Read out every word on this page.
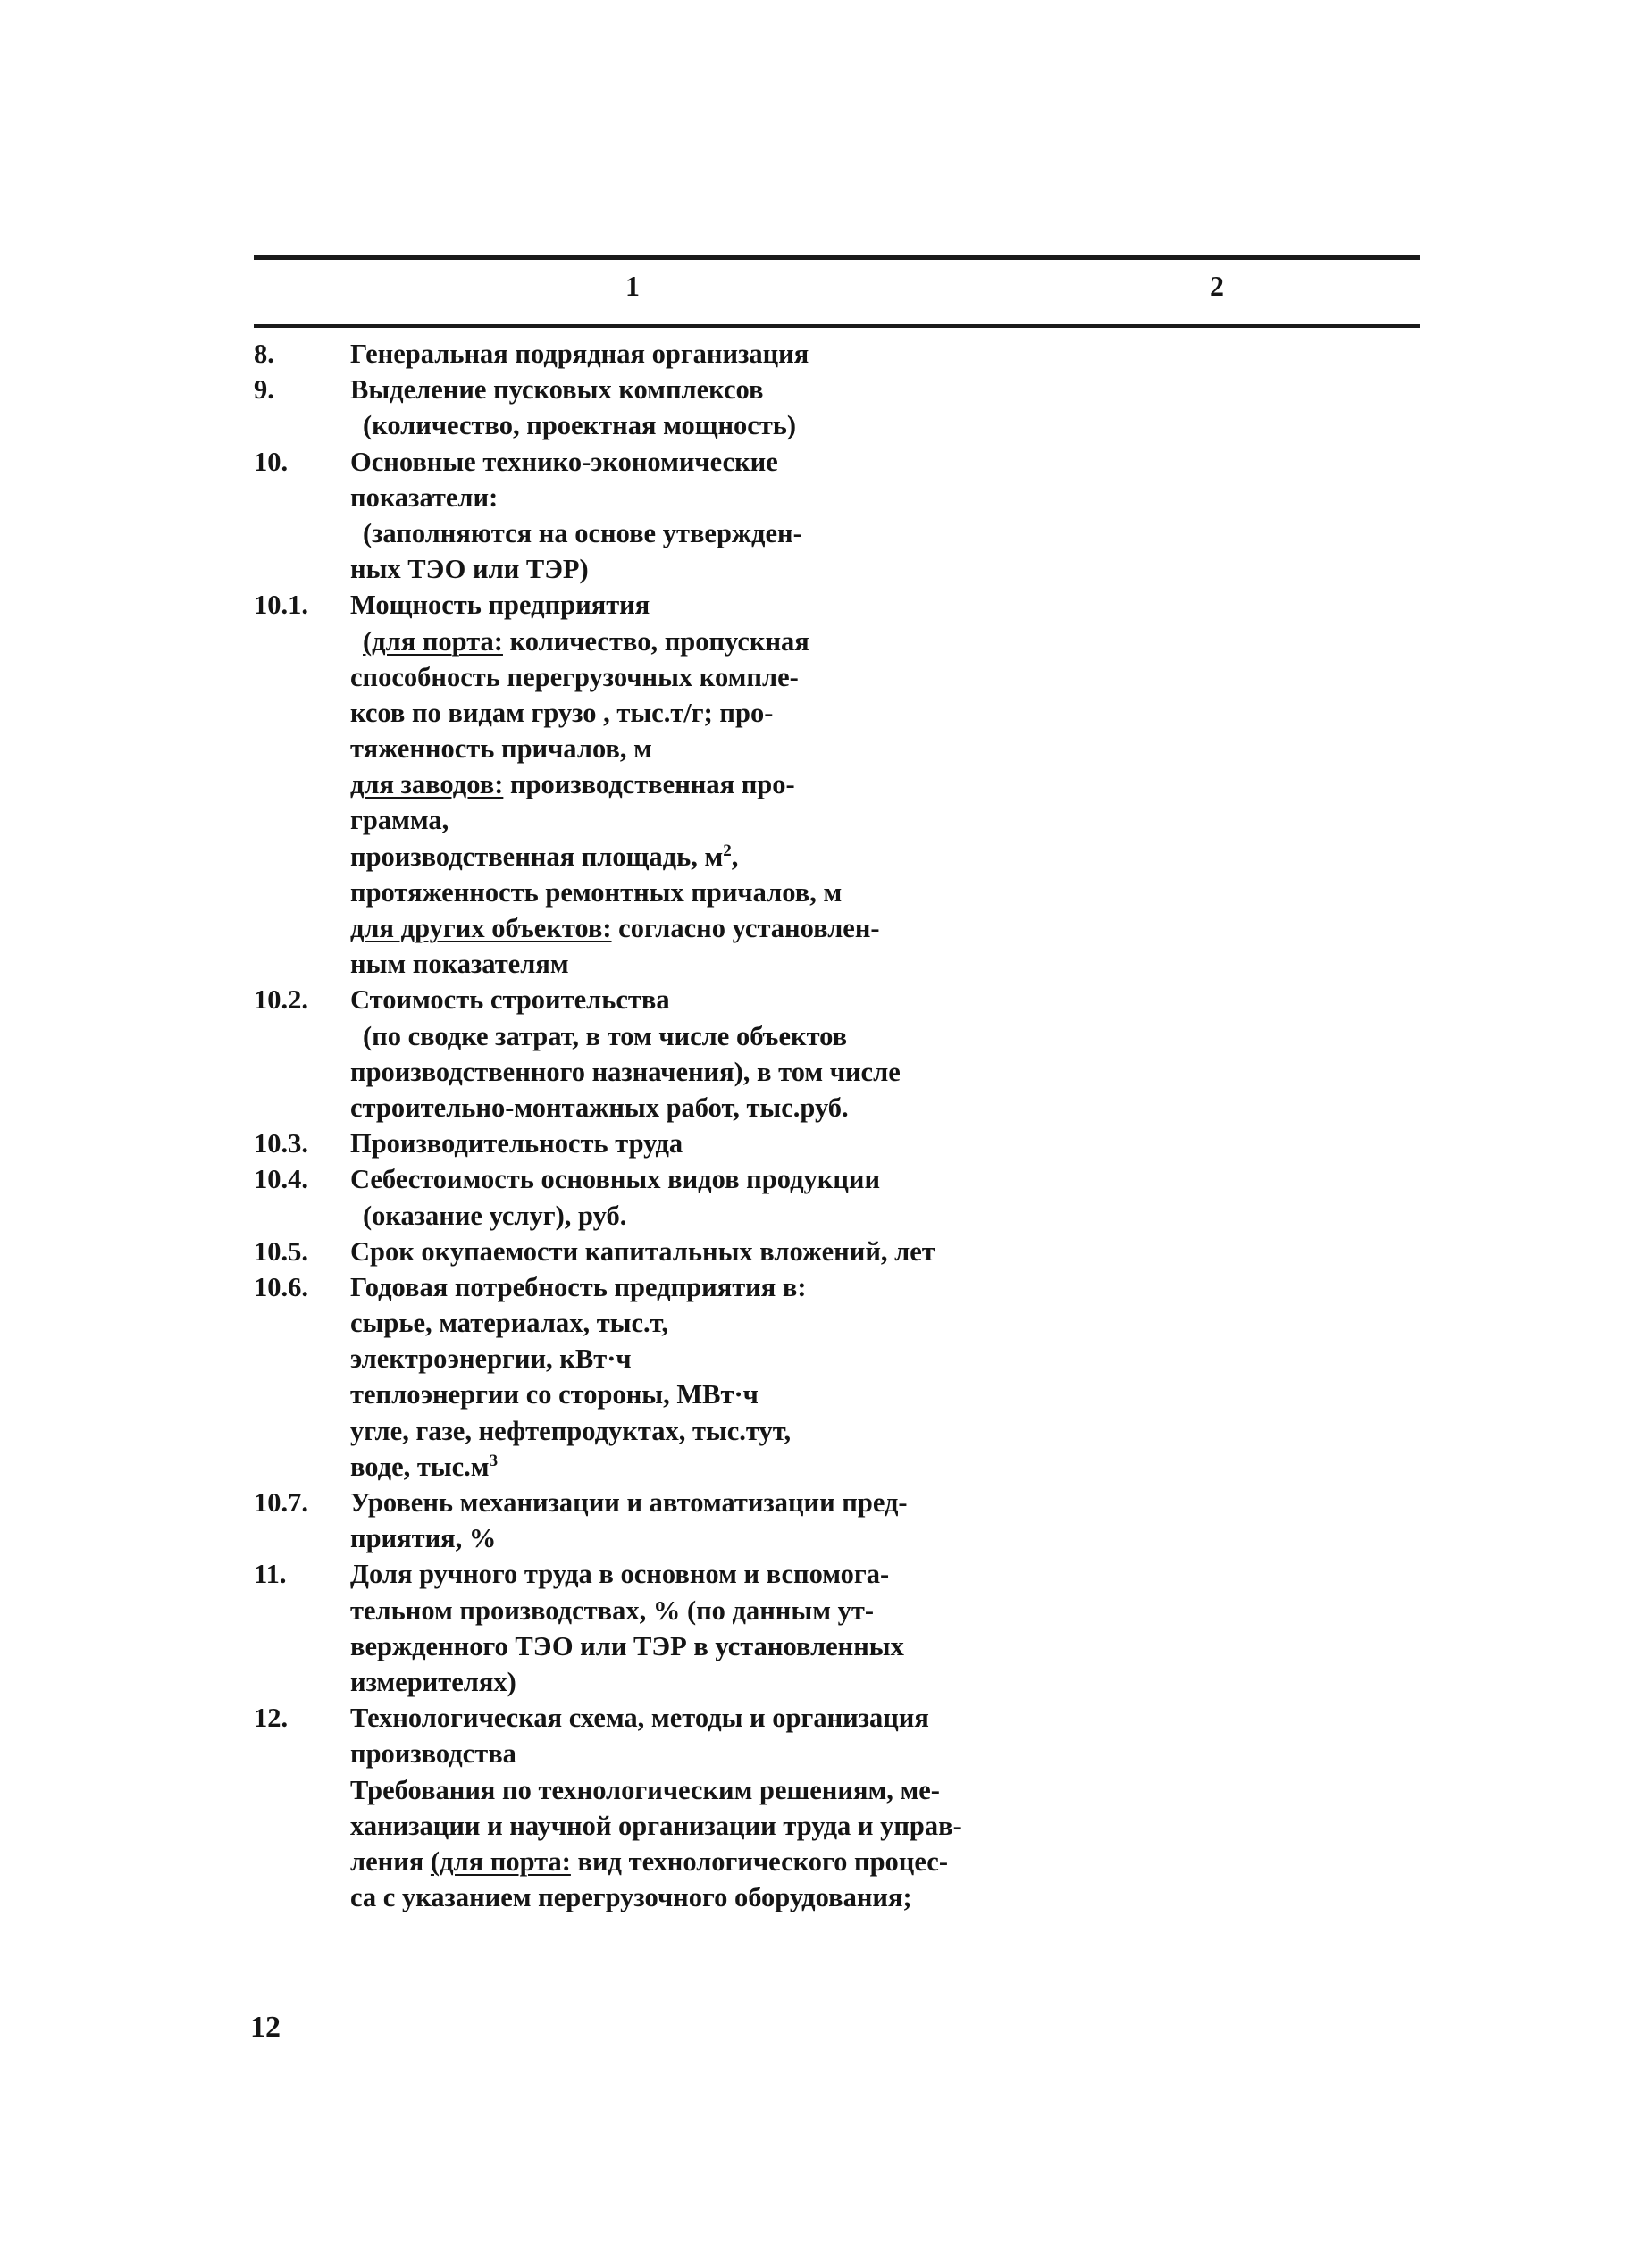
1	2
8.	Генеральная подрядная организация
9.	Выделение пусковых комплексов
(количество, проектная мощность)
10.	Основные технико-экономические
показатели:
(заполняются на основе утвержден-
ных ТЭО или ТЭР)
10.1.	Мощность предприятия
(для порта: количество, пропускная
способность перегрузочных комплe-
ксов по видам грузо , тыс.т/г; про-
тяженность причалов, м
для заводов: производственная про-
грамма,
производственная площадь, $м^2$,
протяженность ремонтных причалов, м
для других объектов: согласно установлен-
ным показателям
10.2.	Стоимость строительства
(по сводке затрат, в том числе объектов
производственного назначения), в том числе
строительно-монтажных работ, тыс.руб.
10.3.	Производительность труда
10.4.	Себестоимость основных видов продукции
(оказание услуг), руб.
10.5.	Срок окупаемости капитальных вложений, лет
10.6.	Годовая потребность предприятия в:
сырье, материалах, тыс.т,
электроэнергии, кВт·ч
теплоэнергии со стороны, МВт·ч
угле, газе, нефтепродуктах, тыс.тут,
воде, $тыс.м^3$
10.7.	Уровень механизации и автоматизации пред-
приятия, %
11.	Доля ручного труда в основном и вспомога-
тельном производствах, % (по данным ут-
вержденного ТЭО или ТЭР в установленных
измерителях)
12.	Технологическая схема, методы и организация
производства
Требования по технологическим решениям, ме-
ханизации и научной организации труда и управ-
ления (для порта: вид технологического процес-
са с указанием перегрузочного оборудования;
12
